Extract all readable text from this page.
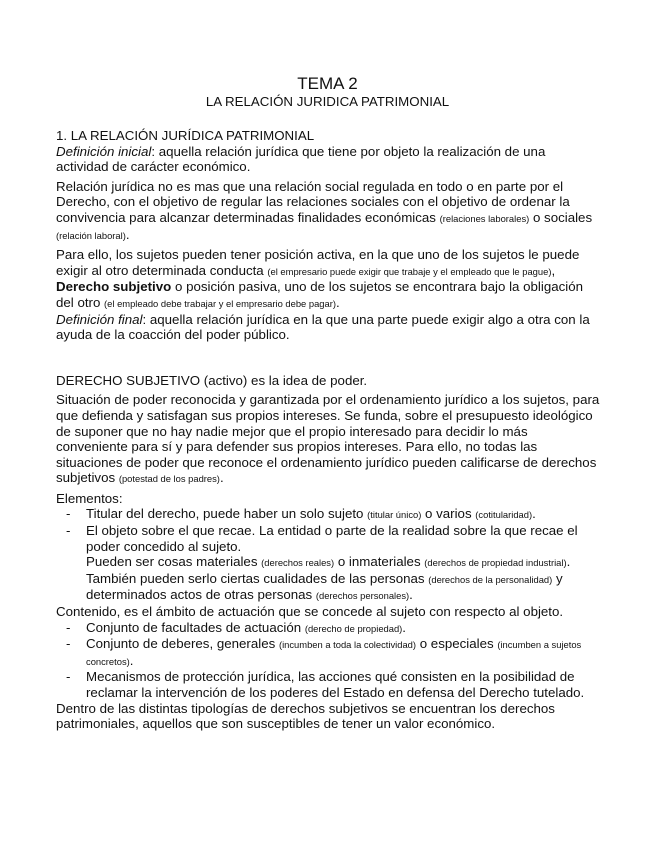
TEMA 2
LA RELACIÓN JURIDICA PATRIMONIAL

1. LA RELACIÓN JURÍDICA PATRIMONIAL

Definición inicial: aquella relación jurídica que tiene por objeto la realización de una actividad de carácter económico.

Relación jurídica no es mas que una relación social regulada en todo o en parte por el Derecho, con el objetivo de regular las relaciones sociales con el objetivo de ordenar la convivencia para alcanzar determinadas finalidades económicas (relaciones laborales) o sociales (relación laboral).

Para ello, los sujetos pueden tener posición activa, en la que uno de los sujetos le puede exigir al otro determinada conducta (el empresario puede exigir que trabaje y el empleado que le pague), Derecho subjetivo o posición pasiva, uno de los sujetos se encontrara bajo la obligación del otro (el empleado debe trabajar y el empresario debe pagar).

Definición final: aquella relación jurídica en la que una parte puede exigir algo a otra con la ayuda de la coacción del poder público.

DERECHO SUBJETIVO (activo) es la idea de poder.

Situación de poder reconocida y garantizada por el ordenamiento jurídico a los sujetos, para que defienda y satisfagan sus propios intereses. Se funda, sobre el presupuesto ideológico de suponer que no hay nadie mejor que el propio interesado para decidir lo más conveniente para sí y para defender sus propios intereses. Para ello, no todas las situaciones de poder que reconoce el ordenamiento jurídico pueden calificarse de derechos subjetivos (potestad de los padres).

Elementos:

- Titular del derecho, puede haber un solo sujeto (titular único) o varios (cotitularidad).
- El objeto sobre el que recae. La entidad o parte de la realidad sobre la que recae el poder concedido al sujeto.

Pueden ser cosas materiales (derechos reales) o inmateriales (derechos de propiedad industrial).

También pueden serlo ciertas cualidades de las personas (derechos de la personalidad) y determinados actos de otras personas (derechos personales).

Contenido, es el ámbito de actuación que se concede al sujeto con respecto al objeto.

- Conjunto de facultades de actuación (derecho de propiedad).
- Conjunto de deberes, generales (incumben a toda la colectividad) o especiales (incumben a sujetos concretos).
- Mecanismos de protección jurídica, las acciones qué consisten en la posibilidad de reclamar la intervención de los poderes del Estado en defensa del Derecho tutelado.

Dentro de las distintas tipologías de derechos subjetivos se encuentran los derechos patrimoniales, aquellos que son susceptibles de tener un valor económico.
